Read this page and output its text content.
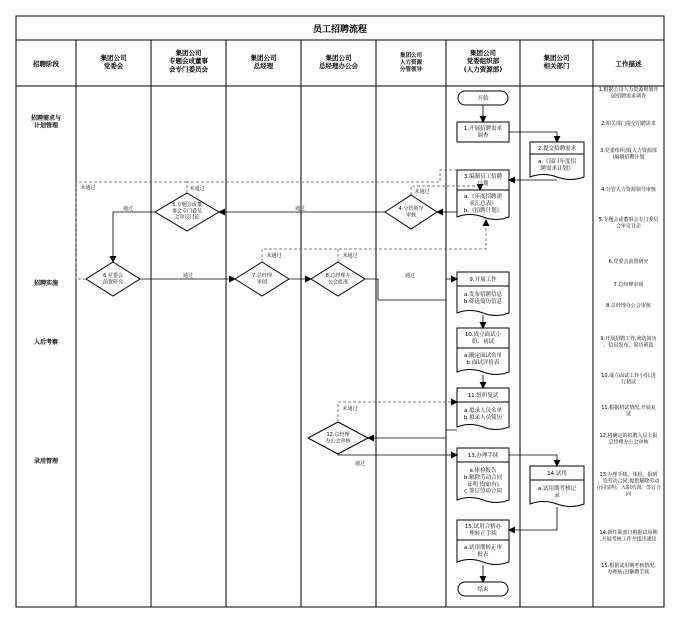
员工招聘流程
招聘阶段
集团公司党委会
集团公司专题会成董事会专门委员会
集团公司总经理
集团公司总经理办公会
集团公司人力资源分管领导
集团公司党委组织部(人力资源部)
集团公司相关部门	工作描述
招聘需求与计划管理
招聘实施
入后考察
录用管理
开始
1.开展招聘需求调查
2.提交招聘需求
a.《部门年度招聘需求计划》
3.编制员工招聘计划
a.《年度招聘需求汇总表》 b.《招聘计划》
4.分管领导审核
5.专题会或董事会专门委员会审议讨论
6.党委会前置研究
7.总经理审阅
8.总经理办公会批准	9.开展工作
a.发布招聘信息 b.筛选简历信息
10.成立面试小组、初试
a.确定面试名单 b.面试评价表
11.组织复试
a.拟录人员名单 b.拟录人员简历
12.总经理办公会审核
13.办理手续
a.体检报告 b.解除劳动合同证明书(如有) c.签订劳动合同
14.试用
a.试用期考核记录
15.试用合格办理转正手续
a.试用期转正审批表
结束
未通过
通过
未通过
通过
未通过
通过
未通过	未通过
通过
未通过
通过
1.根据公司人力资源规划开展招聘需求调查
2.相关部门提交招聘需求
3.党委组织部(人力资源部)编制招聘计划
4.分管人力资源领导审核
5.专题会或董事会专门委员会审议讨论
6.党委会前置研究
7.总经理审阅
8.总经理办公会审核
9.开展招聘工作,筛选简历、信息发布、简历筛选
10.成立面试工作小组,进行初试
11.根据初试情况,开展复试
12.将确定的拟聘人员上报总经理办公会审核
13.办理手续。体检、报到、签劳动合同;提供解除劳动合同证明、入职培训、签订合同
14.新任职部门根据试用期,开展考核工作并提出建议
15.根据试用期考核情况,办理转正/解聘手续
